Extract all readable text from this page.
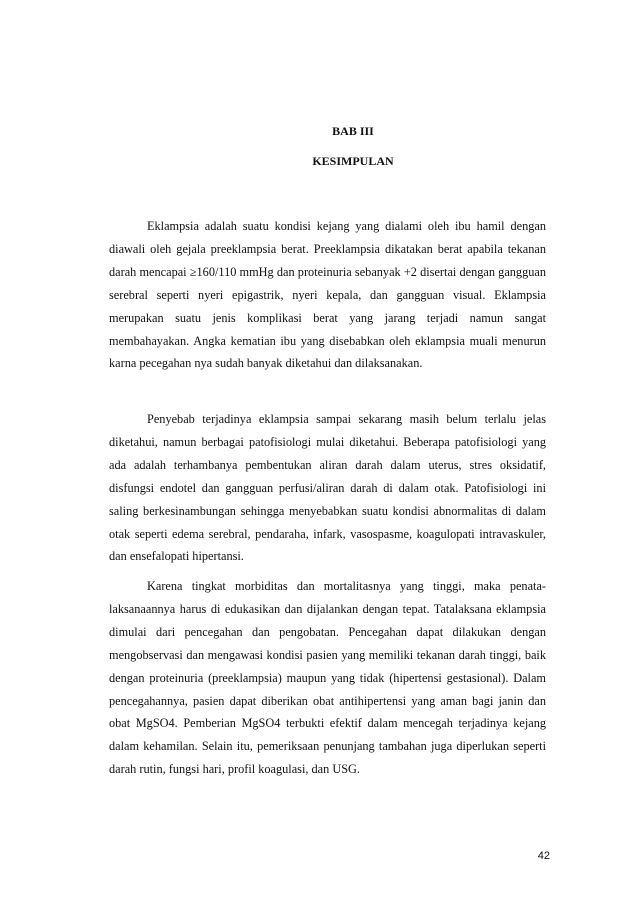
BAB III
KESIMPULAN

Eklampsia adalah suatu kondisi kejang yang dialami oleh ibu hamil dengan diawali oleh gejala preeklampsia berat. Preeklampsia dikatakan berat apabila tekanan darah mencapai ≥160/110 mmHg dan proteinuria sebanyak +2 disertai dengan gangguan serebral seperti nyeri epigastrik, nyeri kepala, dan gangguan visual. Eklampsia merupakan suatu jenis komplikasi berat yang jarang terjadi namun sangat membahayakan. Angka kematian ibu yang disebabkan oleh eklampsia muali menurun karna pecegahan nya sudah banyak diketahui dan dilaksanakan.

Penyebab terjadinya eklampsia sampai sekarang masih belum terlalu jelas diketahui, namun berbagai patofisiologi mulai diketahui. Beberapa patofisiologi yang ada adalah terhambanya pembentukan aliran darah dalam uterus, stres oksidatif, disfungsi endotel dan gangguan perfusi/aliran darah di dalam otak. Patofisiologi ini saling berkesinambungan sehingga menyebabkan suatu kondisi abnormalitas di dalam otak seperti edema serebral, pendaraha, infark, vasospasme, koagulopati intravaskuler, dan ensefalopati hipertansi.

Karena tingkat morbiditas dan mortalitasnya yang tinggi, maka penata-laksanaannya harus di edukasikan dan dijalankan dengan tepat. Tatalaksana eklampsia dimulai dari pencegahan dan pengobatan. Pencegahan dapat dilakukan dengan mengobservasi dan mengawasi kondisi pasien yang memiliki tekanan darah tinggi, baik dengan proteinuria (preeklampsia) maupun yang tidak (hipertensi gestasional). Dalam pencegahannya, pasien dapat diberikan obat antihipertensi yang aman bagi janin dan obat MgSO4. Pemberian MgSO4 terbukti efektif dalam mencegah terjadinya kejang dalam kehamilan. Selain itu, pemeriksaan penunjang tambahan juga diperlukan seperti darah rutin, fungsi hari, profil koagulasi, dan USG.

42
